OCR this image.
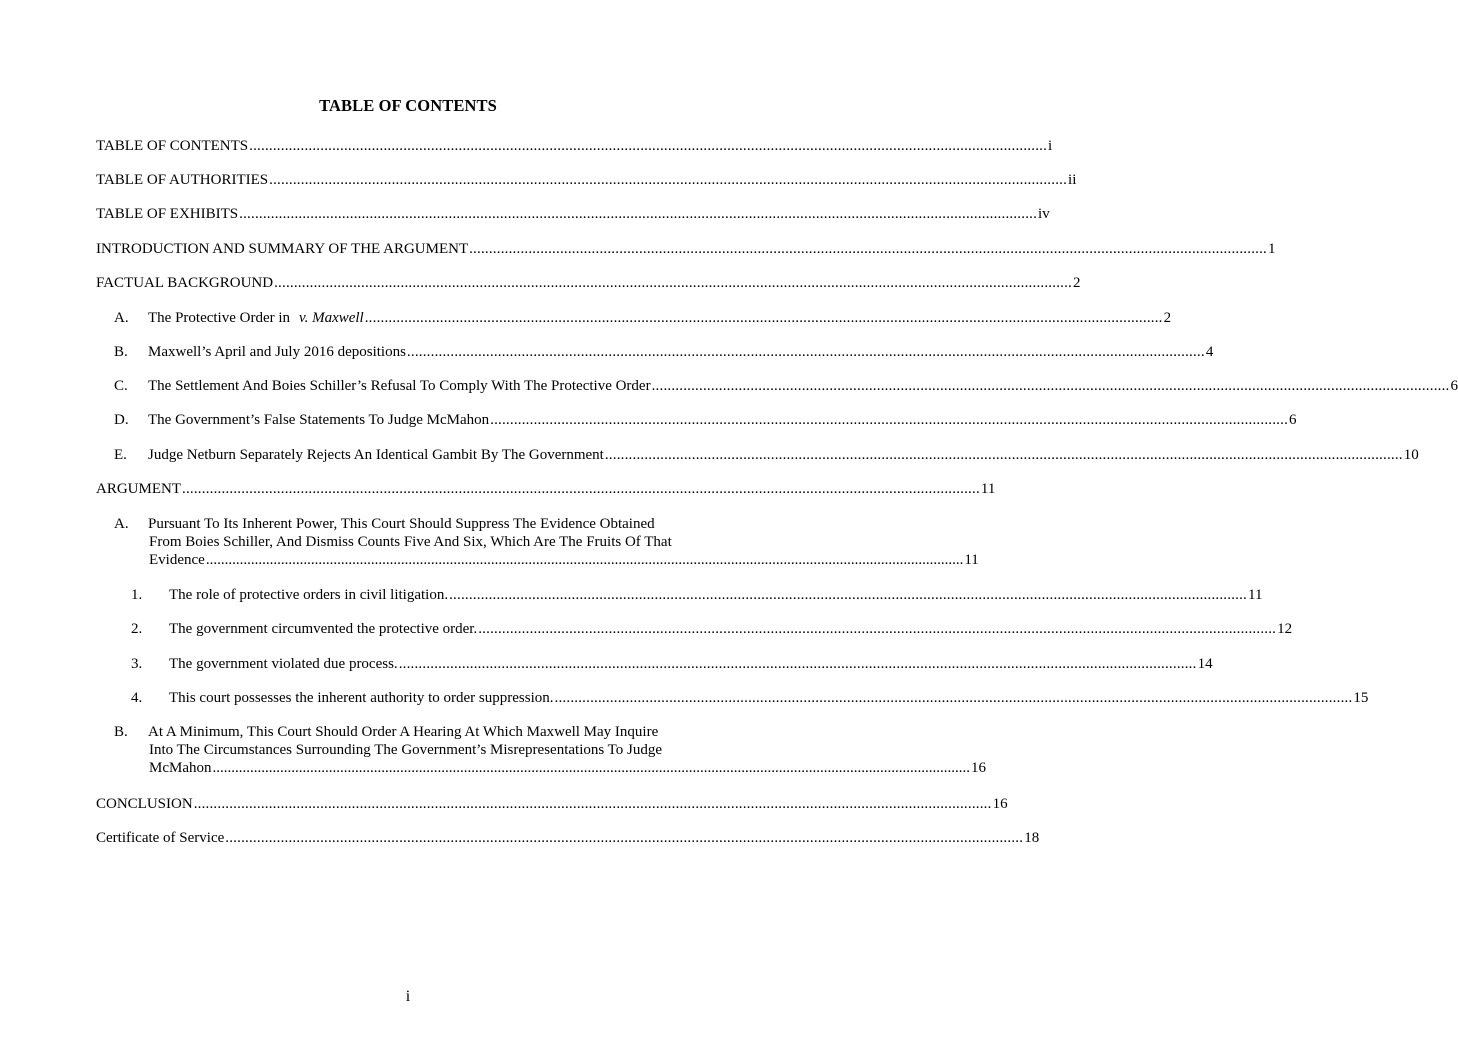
TABLE OF CONTENTS
TABLE OF CONTENTS .......................................................................................................................................................................................................... i
TABLE OF AUTHORITIES .......................................................................................................................................................................................................... ii
TABLE OF EXHIBITS .......................................................................................................................................................................................................... iv
INTRODUCTION AND SUMMARY OF THE ARGUMENT .......................................................................................................................................................................................................... 1
FACTUAL BACKGROUND .......................................................................................................................................................................................................... 2
A.	The Protective Order in v. Maxwell .......................................................................................................................................................................................................... 2
B.	Maxwell’s April and July 2016 depositions .......................................................................................................................................................................................................... 4
C.	The Settlement And Boies Schiller’s Refusal To Comply With The Protective Order .......................................................................................................................................................................................................... 6
D.	The Government’s False Statements To Judge McMahon .......................................................................................................................................................................................................... 6
E.	Judge Netburn Separately Rejects An Identical Gambit By The Government .......................................................................................................................................................................................................... 10
ARGUMENT .......................................................................................................................................................................................................... 11
A. Pursuant To Its Inherent Power, This Court Should Suppress The Evidence Obtained
From Boies Schiller, And Dismiss Counts Five And Six, Which Are The Fruits Of That
Evidence .......................................................................................................................................................................................................... 11
1.	The role of protective orders in civil litigation. .......................................................................................................................................................................................................... 11
2.	The government circumvented the protective order. .......................................................................................................................................................................................................... 12
3.	The government violated due process. .......................................................................................................................................................................................................... 14
4.	This court possesses the inherent authority to order suppression. .......................................................................................................................................................................................................... 15
B. At A Minimum, This Court Should Order A Hearing At Which Maxwell May Inquire
Into The Circumstances Surrounding The Government’s Misrepresentations To Judge
McMahon .......................................................................................................................................................................................................... 16
CONCLUSION .......................................................................................................................................................................................................... 16
Certificate of Service .......................................................................................................................................................................................................... 18
i
